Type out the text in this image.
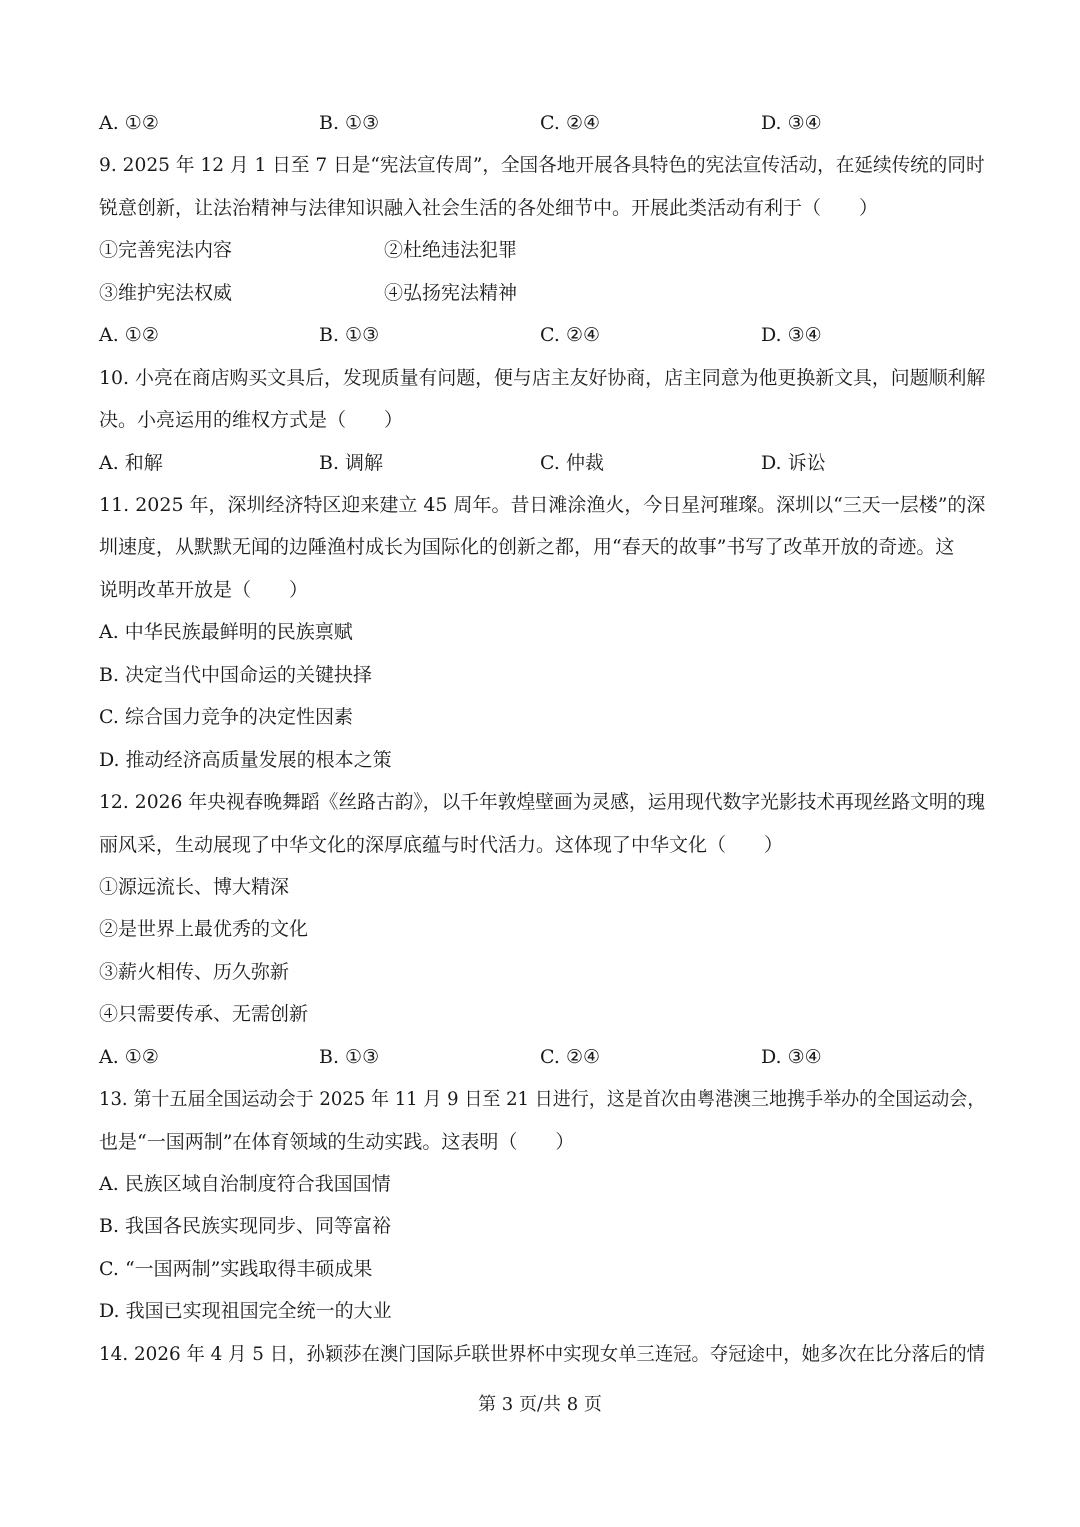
A. ①②	B. ①③	C. ②④	D. ③④
9. 2025 年 12 月 1 日至 7 日是“宪法宣传周”，全国各地开展各具特色的宪法宣传活动，在延续传统的同时
锐意创新，让法治精神与法律知识融入社会生活的各处细节中。开展此类活动有利于（　　）
①完善宪法内容	②杜绝违法犯罪
③维护宪法权威	④弘扬宪法精神
A. ①②	B. ①③	C. ②④	D. ③④
10. 小亮在商店购买文具后，发现质量有问题，便与店主友好协商，店主同意为他更换新文具，问题顺利解
决。小亮运用的维权方式是（　　）
A. 和解	B. 调解	C. 仲裁	D. 诉讼
11. 2025 年，深圳经济特区迎来建立 45 周年。昔日滩涂渔火，今日星河璀璨。深圳以“三天一层楼”的深
圳速度，从默默无闻的边陲渔村成长为国际化的创新之都，用“春天的故事”书写了改革开放的奇迹。这
说明改革开放是（　　）
A. 中华民族最鲜明的民族禀赋
B. 决定当代中国命运的关键抉择
C. 综合国力竞争的决定性因素
D. 推动经济高质量发展的根本之策
12. 2026 年央视春晚舞蹈《丝路古韵》，以千年敦煌壁画为灵感，运用现代数字光影技术再现丝路文明的瑰
丽风采，生动展现了中华文化的深厚底蕴与时代活力。这体现了中华文化（　　）
①源远流长、博大精深
②是世界上最优秀的文化
③薪火相传、历久弥新
④只需要传承、无需创新
A. ①②	B. ①③	C. ②④	D. ③④
13. 第十五届全国运动会于 2025 年 11 月 9 日至 21 日进行，这是首次由粤港澳三地携手举办的全国运动会，
也是“一国两制”在体育领域的生动实践。这表明（　　）
A. 民族区域自治制度符合我国国情
B. 我国各民族实现同步、同等富裕
C. “一国两制”实践取得丰硕成果
D. 我国已实现祖国完全统一的大业
14. 2026 年 4 月 5 日，孙颖莎在澳门国际乒联世界杯中实现女单三连冠。夺冠途中，她多次在比分落后的情
第 3 页/共 8 页
